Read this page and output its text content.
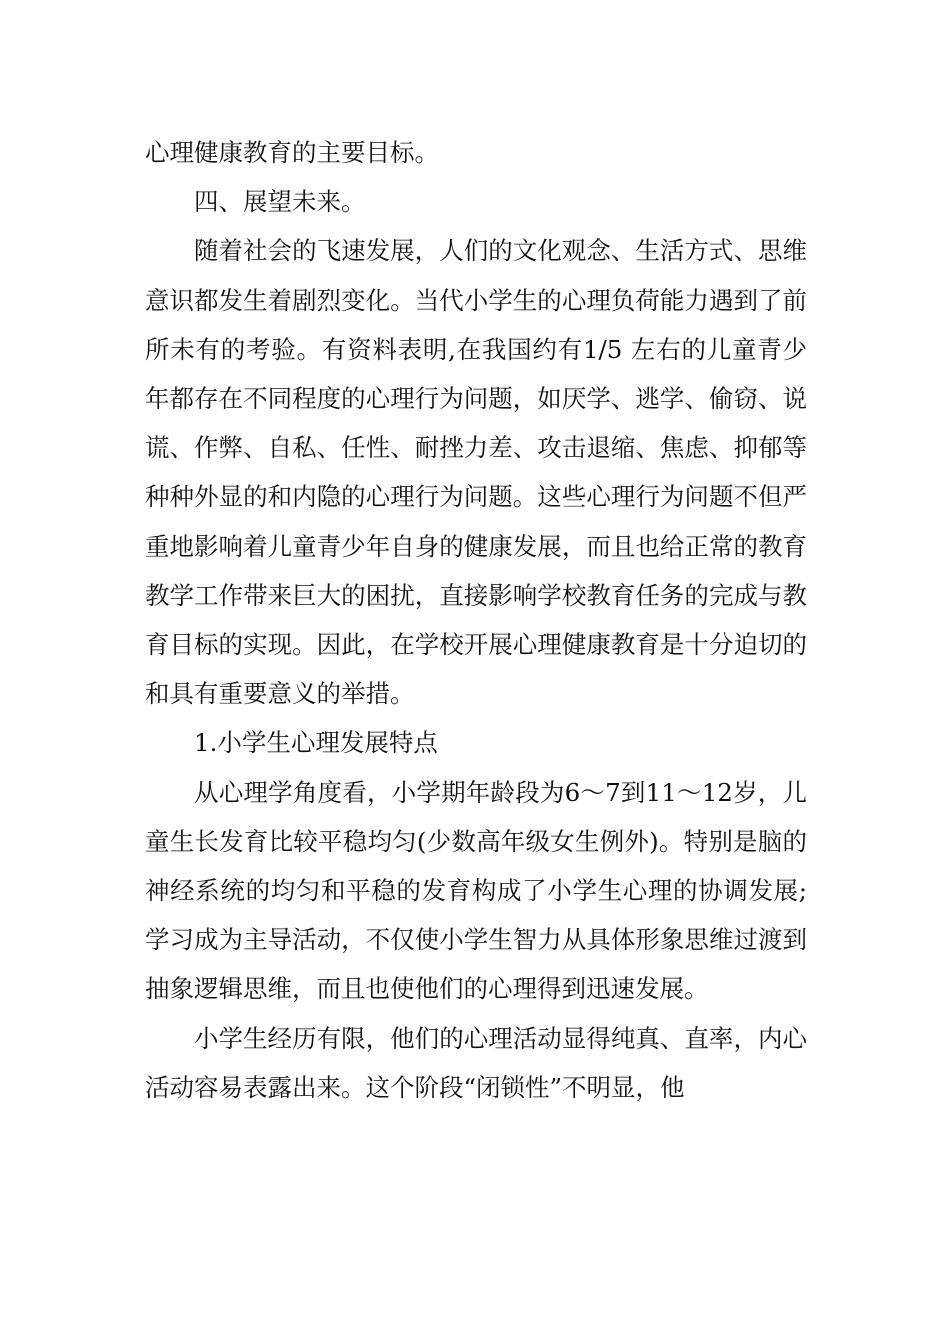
心理健康教育的主要目标。

四、展望未来。

随着社会的飞速发展，人们的文化观念、生活方式、思维意识都发生着剧烈变化。当代小学生的心理负荷能力遇到了前所未有的考验。有资料表明,在我国约有1/5 左右的儿童青少年都存在不同程度的心理行为问题，如厌学、逃学、偷窃、说谎、作弊、自私、任性、耐挫力差、攻击退缩、焦虑、抑郁等种种外显的和内隐的心理行为问题。这些心理行为问题不但严重地影响着儿童青少年自身的健康发展，而且也给正常的教育教学工作带来巨大的困扰，直接影响学校教育任务的完成与教育目标的实现。因此，在学校开展心理健康教育是十分迫切的和具有重要意义的举措。

1.小学生心理发展特点

从心理学角度看，小学期年龄段为6～7到11～12岁，儿童生长发育比较平稳均匀(少数高年级女生例外)。特别是脑的神经系统的均匀和平稳的发育构成了小学生心理的协调发展;学习成为主导活动，不仅使小学生智力从具体形象思维过渡到抽象逻辑思维，而且也使他们的心理得到迅速发展。

小学生经历有限，他们的心理活动显得纯真、直率，内心活动容易表露出来。这个阶段“闭锁性”不明显，他
